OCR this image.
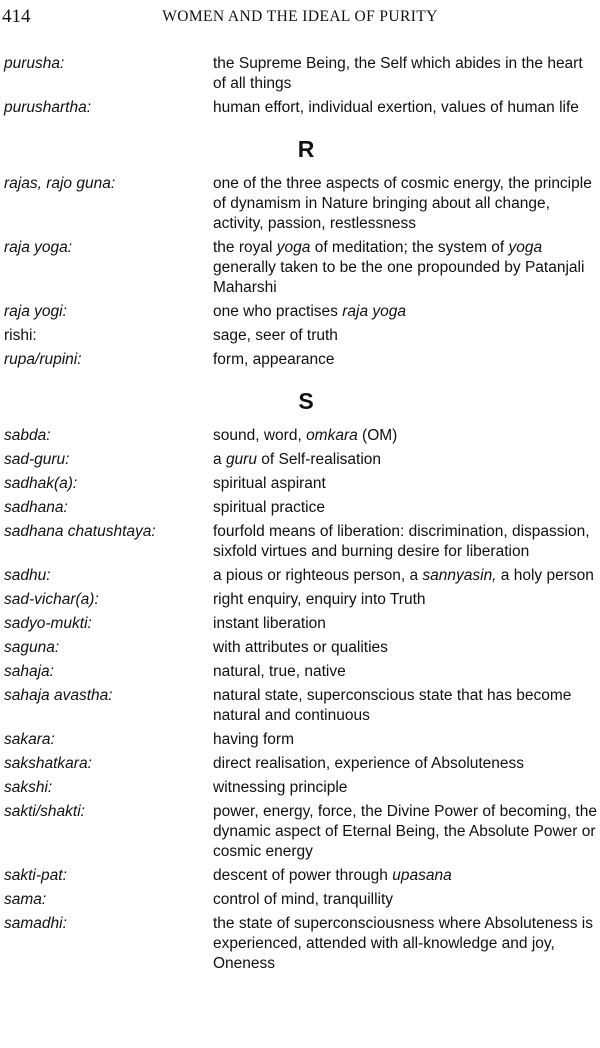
414	WOMEN AND THE IDEAL OF PURITY
purusha:	the Supreme Being, the Self which abides in the heart of all things
purushartha:	human effort, individual exertion, values of human life
R
rajas, rajo guna:	one of the three aspects of cosmic energy, the principle of dynamism in Nature bringing about all change, activity, passion, restlessness
raja yoga:	the royal yoga of meditation; the system of yoga generally taken to be the one propounded by Patanjali Maharshi
raja yogi:	one who practises raja yoga
rishi:	sage, seer of truth
rupa/rupini:	form, appearance
S
sabda:	sound, word, omkara (OM)
sad-guru:	a guru of Self-realisation
sadhak(a):	spiritual aspirant
sadhana:	spiritual practice
sadhana chatushtaya:	fourfold means of liberation: discrimination, dispassion, sixfold virtues and burning desire for liberation
sadhu:	a pious or righteous person, a sannyasin, a holy person
sad-vichar(a):	right enquiry, enquiry into Truth
sadyo-mukti:	instant liberation
saguna:	with attributes or qualities
sahaja:	natural, true, native
sahaja avastha:	natural state, superconscious state that has become natural and continuous
sakara:	having form
sakshatkara:	direct realisation, experience of Absoluteness
sakshi:	witnessing principle
sakti/shakti:	power, energy, force, the Divine Power of becoming, the dynamic aspect of Eternal Being, the Absolute Power or cosmic energy
sakti-pat:	descent of power through upasana
sama:	control of mind, tranquillity
samadhi:	the state of superconsciousness where Absoluteness is experienced, attended with all-knowledge and joy, Oneness
